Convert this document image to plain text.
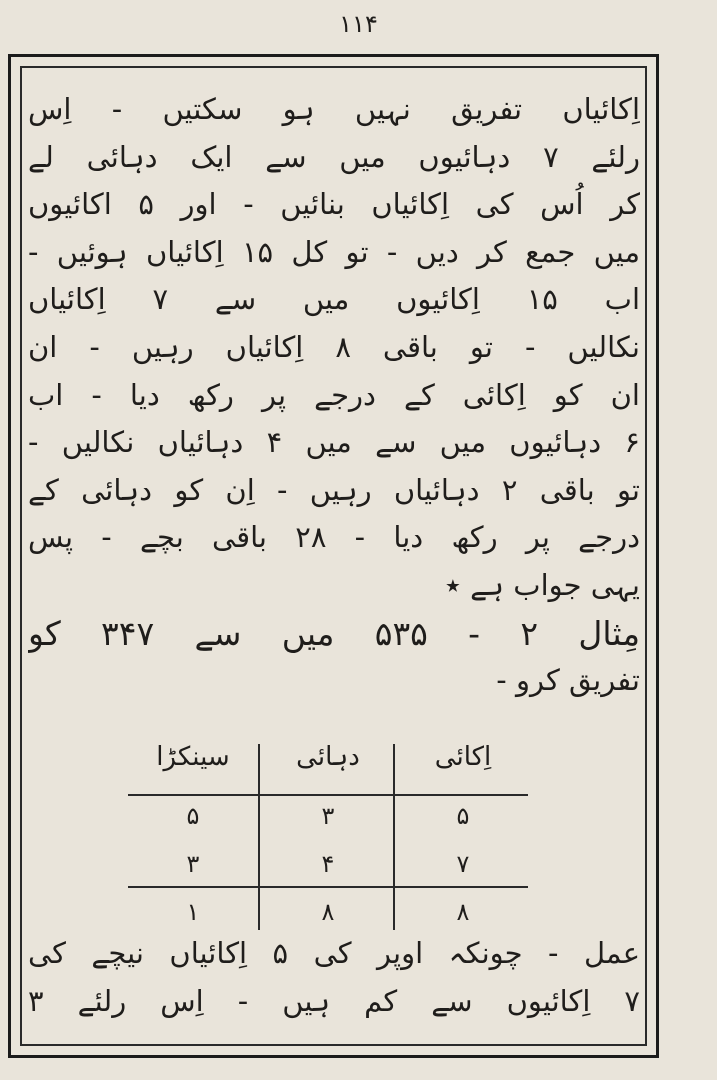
۱۱۴
اِکائیاں تفریق نہیں ہو سکتیں - اِس
رلئے ۷ دہائیوں میں سے ایک دہائی لے
کر اُس کی اِکائیاں بنائیں - اور ۵ اکائیوں
میں جمع کر دیں - تو کل ۱۵ اِکائیاں ہوئیں -
اب ۱۵ اِکائیوں میں سے ۷ اِکائیاں
نکالیں - تو باقی ۸ اِکائیاں رہیں - ان
ان کو اِکائی کے درجے پر رکھ دیا - اب
۶ دہائیوں میں سے میں ۴ دہائیاں نکالیں -
تو باقی ۲ دہائیاں رہیں - اِن کو دہائی کے
درجے پر رکھ دیا - ۲۸ باقی بچے - پس
یہی جواب ہے ٭
مِثال ۲ - ۵۳۵ میں سے ۳۴۷ کو
تفریق کرو -
اِکائی
دہائی
سینکڑا
۵
۳
۵
۷
۴
۳
۸
۸
۱
عمل - چونکہ اوپر کی ۵ اِکائیاں نیچے کی
۷ اِکائیوں سے کم ہیں - اِس رلئے ۳
